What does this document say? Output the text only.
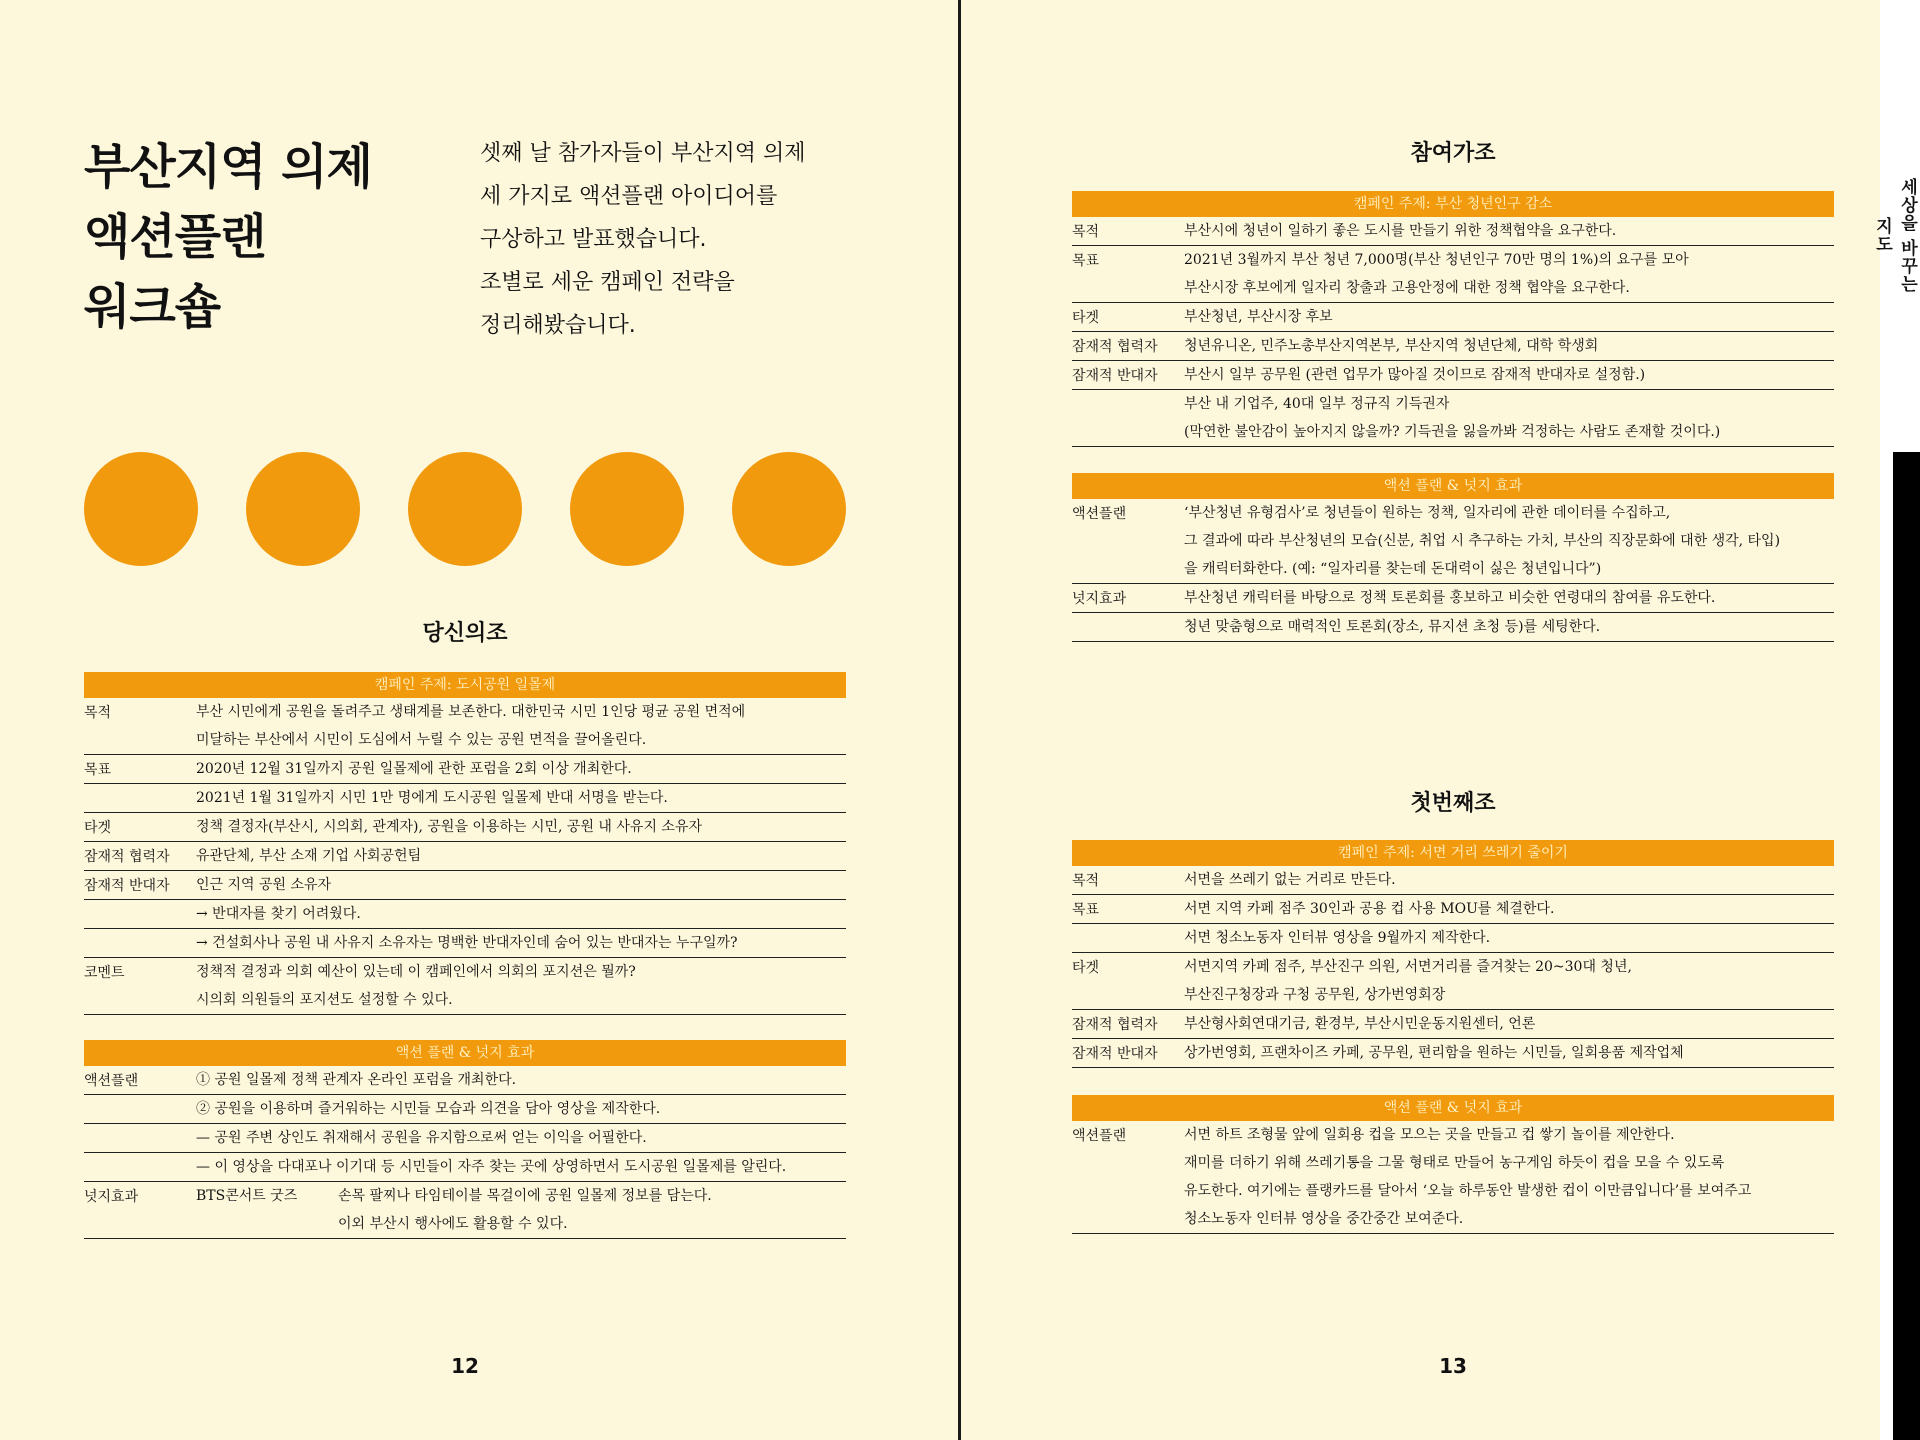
부산지역 의제
액션플랜
워크숍

셋째 날 참가자들이 부산지역 의제
세 가지로 액션플랜 아이디어를
구상하고 발표했습니다.
조별로 세운 캠페인 전략을
정리해봤습니다.

당신의조
캠페인 주제: 도시공원 일몰제
목적	부산 시민에게 공원을 돌려주고 생태계를 보존한다. 대한민국 시민 1인당 평균 공원 면적에
미달하는 부산에서 시민이 도심에서 누릴 수 있는 공원 면적을 끌어올린다.
목표	2020년 12월 31일까지 공원 일몰제에 관한 포럼을 2회 이상 개최한다.
2021년 1월 31일까지 시민 1만 명에게 도시공원 일몰제 반대 서명을 받는다.
타겟	정책 결정자(부산시, 시의회, 관계자), 공원을 이용하는 시민, 공원 내 사유지 소유자
잠재적 협력자	유관단체, 부산 소재 기업 사회공헌팀
잠재적 반대자	인근 지역 공원 소유자
→ 반대자를 찾기 어려웠다.
→ 건설회사나 공원 내 사유지 소유자는 명백한 반대자인데 숨어 있는 반대자는 누구일까?
코멘트	정책적 결정과 의회 예산이 있는데 이 캠페인에서 의회의 포지션은 뭘까?
시의회 의원들의 포지션도 설정할 수 있다.
액션 플랜 & 넛지 효과
액션플랜	① 공원 일몰제 정책 관계자 온라인 포럼을 개최한다.
② 공원을 이용하며 즐거워하는 시민들 모습과 의견을 담아 영상을 제작한다.
— 공원 주변 상인도 취재해서 공원을 유지함으로써 얻는 이익을 어필한다.
— 이 영상을 다대포나 이기대 등 시민들이 자주 찾는 곳에 상영하면서 도시공원 일몰제를 알린다.
넛지효과	BTS콘서트 굿즈	손목 팔찌나 타임테이블 목걸이에 공원 일몰제 정보를 담는다.
이외 부산시 행사에도 활용할 수 있다.
12
참여가조
캠페인 주제: 부산 청년인구 감소
목적	부산시에 청년이 일하기 좋은 도시를 만들기 위한 정책협약을 요구한다.
목표	2021년 3월까지 부산 청년 7,000명(부산 청년인구 70만 명의 1%)의 요구를 모아
부산시장 후보에게 일자리 창출과 고용안정에 대한 정책 협약을 요구한다.
타겟	부산청년, 부산시장 후보
잠재적 협력자	청년유니온, 민주노총부산지역본부, 부산지역 청년단체, 대학 학생회
잠재적 반대자	부산시 일부 공무원 (관련 업무가 많아질 것이므로 잠재적 반대자로 설정함.)
부산 내 기업주, 40대 일부 정규직 기득권자
(막연한 불안감이 높아지지 않을까? 기득권을 잃을까봐 걱정하는 사람도 존재할 것이다.)
액션 플랜 & 넛지 효과
액션플랜	‘부산청년 유형검사’로 청년들이 원하는 정책, 일자리에 관한 데이터를 수집하고,
그 결과에 따라 부산청년의 모습(신분, 취업 시 추구하는 가치, 부산의 직장문화에 대한 생각, 타입)
을 캐릭터화한다. (예: “일자리를 찾는데 돈대력이 싫은 청년입니다”)
넛지효과	부산청년 캐릭터를 바탕으로 정책 토론회를 홍보하고 비슷한 연령대의 참여를 유도한다.
청년 맞춤형으로 매력적인 토론회(장소, 뮤지션 초청 등)를 세팅한다.
첫번째조
캠페인 주제: 서면 거리 쓰레기 줄이기
목적	서면을 쓰레기 없는 거리로 만든다.
목표	서면 지역 카페 점주 30인과 공용 컵 사용 MOU를 체결한다.
서면 청소노동자 인터뷰 영상을 9월까지 제작한다.
타겟	서면지역 카페 점주, 부산진구 의원, 서면거리를 즐겨찾는 20~30대 청년,
부산진구청장과 구청 공무원, 상가번영회장
잠재적 협력자	부산형사회연대기금, 환경부, 부산시민운동지원센터, 언론
잠재적 반대자	상가번영회, 프랜차이즈 카페, 공무원, 편리함을 원하는 시민들, 일회용품 제작업체
액션 플랜 & 넛지 효과
액션플랜	서면 하트 조형물 앞에 일회용 컵을 모으는 곳을 만들고 컵 쌓기 놀이를 제안한다.
재미를 더하기 위해 쓰레기통을 그물 형태로 만들어 농구게임 하듯이 컵을 모을 수 있도록
유도한다. 여기에는 플랭카드를 달아서 ‘오늘 하루동안 발생한 컵이 이만큼입니다’를 보여주고
청소노동자 인터뷰 영상을 중간중간 보여준다.
13
세상을 바꾸는 지도
